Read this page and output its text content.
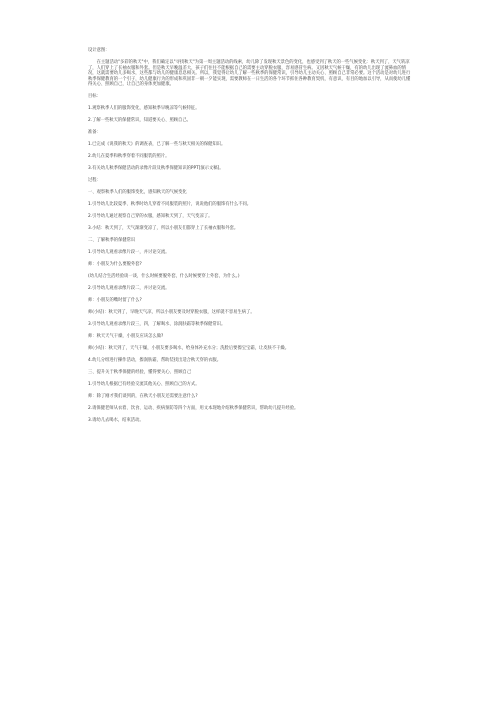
设计意图：
在主题活动"多彩的秋天"中，我们确定以"寻找秋天"为第一周主题活动的线索，幼儿除了发现秋天景色的变化，也感受到了秋天的一些气候变化：秋天到了，天气转凉了，人们穿上了长袖衣服和外套。但是秋天早晚温差大，孩子们往往不能根据自己的需要主动穿脱衣服，容易感冒生病。又因秋天气候干燥，有的幼儿出现了流鼻血的情况，这就需要幼儿多喝水，这些都与幼儿的健康息息相关。所以，我觉得让幼儿了解一些秋季的保健常识，引导幼儿主动关心、照顾自己非常必要。这个活动是对幼儿进行秋季保健教育的一个引子，幼儿健康行为的形成和巩固非一朝一夕能实现，需要教师在一日生活的各个环节抓住各种教育契机，有意识、有目的地加以引导，从而使幼儿懂得关心、照顾自己，让自己的身体更加健康。
目标：
1.观察秋季人们的服饰变化，感知秋季早晚凉等气候特征。
2.了解一些秋天的保健常识，知道要关心、照顾自己。
准备：
1.已完成《说我的秋天》的调查表，已了解一些与秋天相关的保健知识。
2.幼儿在夏季和秋季穿着不同服装的照片。
3.有关幼儿秋季保健活动的录像片段及秋季保健知识的PPT[演示文稿]。
过程：
一、观察秋季人们的服饰变化，感知秋天的气候变化
1.引导幼儿比较夏季、秋季时幼儿穿着不同服装的照片，说说他们的服饰有什么不同。
2.引导幼儿通过观察自己穿的衣服，感知秋天到了，天气变凉了。
3.小结：秋天到了，天气渐渐变凉了，所以小朋友们都穿上了长袖衣服和外套。
二、了解秋季的保健常识
1.引导幼儿观看录像片段一，并讨论交流。
师：小朋友为什么要脱外套?
(幼儿结合生活经验谈一谈，什么时候要脱外套，什么时候要穿上外套，为什么。)
2.引导幼儿观看录像片段二，并讨论交流。
师：小朋友的嘴时留了什么?
师(小结)：秋天到了，早晚天气凉，所以小朋友要及时穿脱衣服，这样就不容易生病了。
3.引导幼儿观看录像片段三，四，了解喝水、涂润肤霜等秋季保健常识。
师：秋天天气干燥，小朋友应该怎么做?
师(小结)：秋天到了，天气干燥，小朋友要多喝水，给身体补充水分；洗脸后要擦宝宝霜，让皮肤不干燥。
4.幼儿分组进行操作活动，擦润肤霜，帮助装找出适合秋天穿的衣服。
三、提升关于秋季保健的经验，懂得要关心、照顾自己
1.引导幼儿根据已有经验交流其他关心、照顾自己的方式。
师：除了刚才我们谈到的，在秋天小朋友还需要注意什么?
2.请保健老师从衣着、饮食、运动、疾病预防等四个方面，用文本现地介绍秋季保健常识，帮助幼儿提升经验。
3.请幼儿去喝水，结束活动。
